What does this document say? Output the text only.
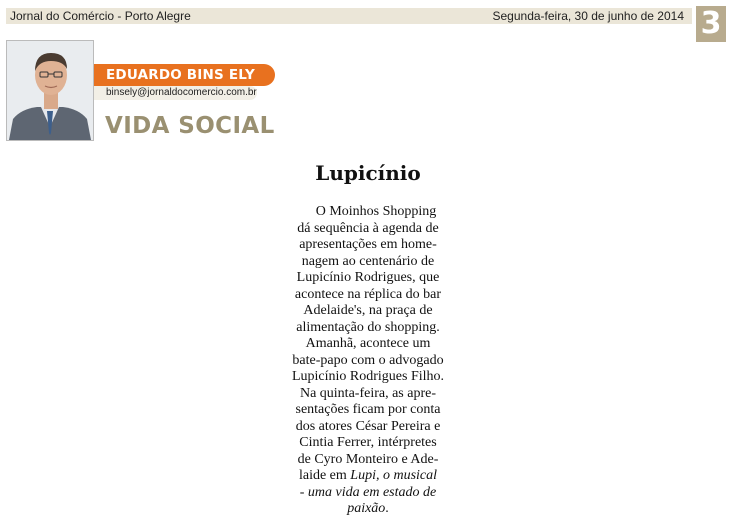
Jornal do Comércio - Porto Alegre	Segunda-feira, 30 de junho de 2014 3
EDUARDO BINS ELY
binsely@jornaldocomercio.com.br
VIDA SOCIAL
Lupicínio
O Moinhos Shopping
dá sequência à agenda de
apresentações em home-
nagem ao centenário de
Lupicínio Rodrigues, que
acontece na réplica do bar
Adelaide's, na praça de
alimentação do shopping.
Amanhã, acontece um
bate-papo com o advogado
Lupicínio Rodrigues Filho.
Na quinta-feira, as apre-
sentações ficam por conta
dos atores César Pereira e
Cintia Ferrer, intérpretes
de Cyro Monteiro e Ade-
laide em Lupi, o musical
- uma vida em estado de
paixão.
